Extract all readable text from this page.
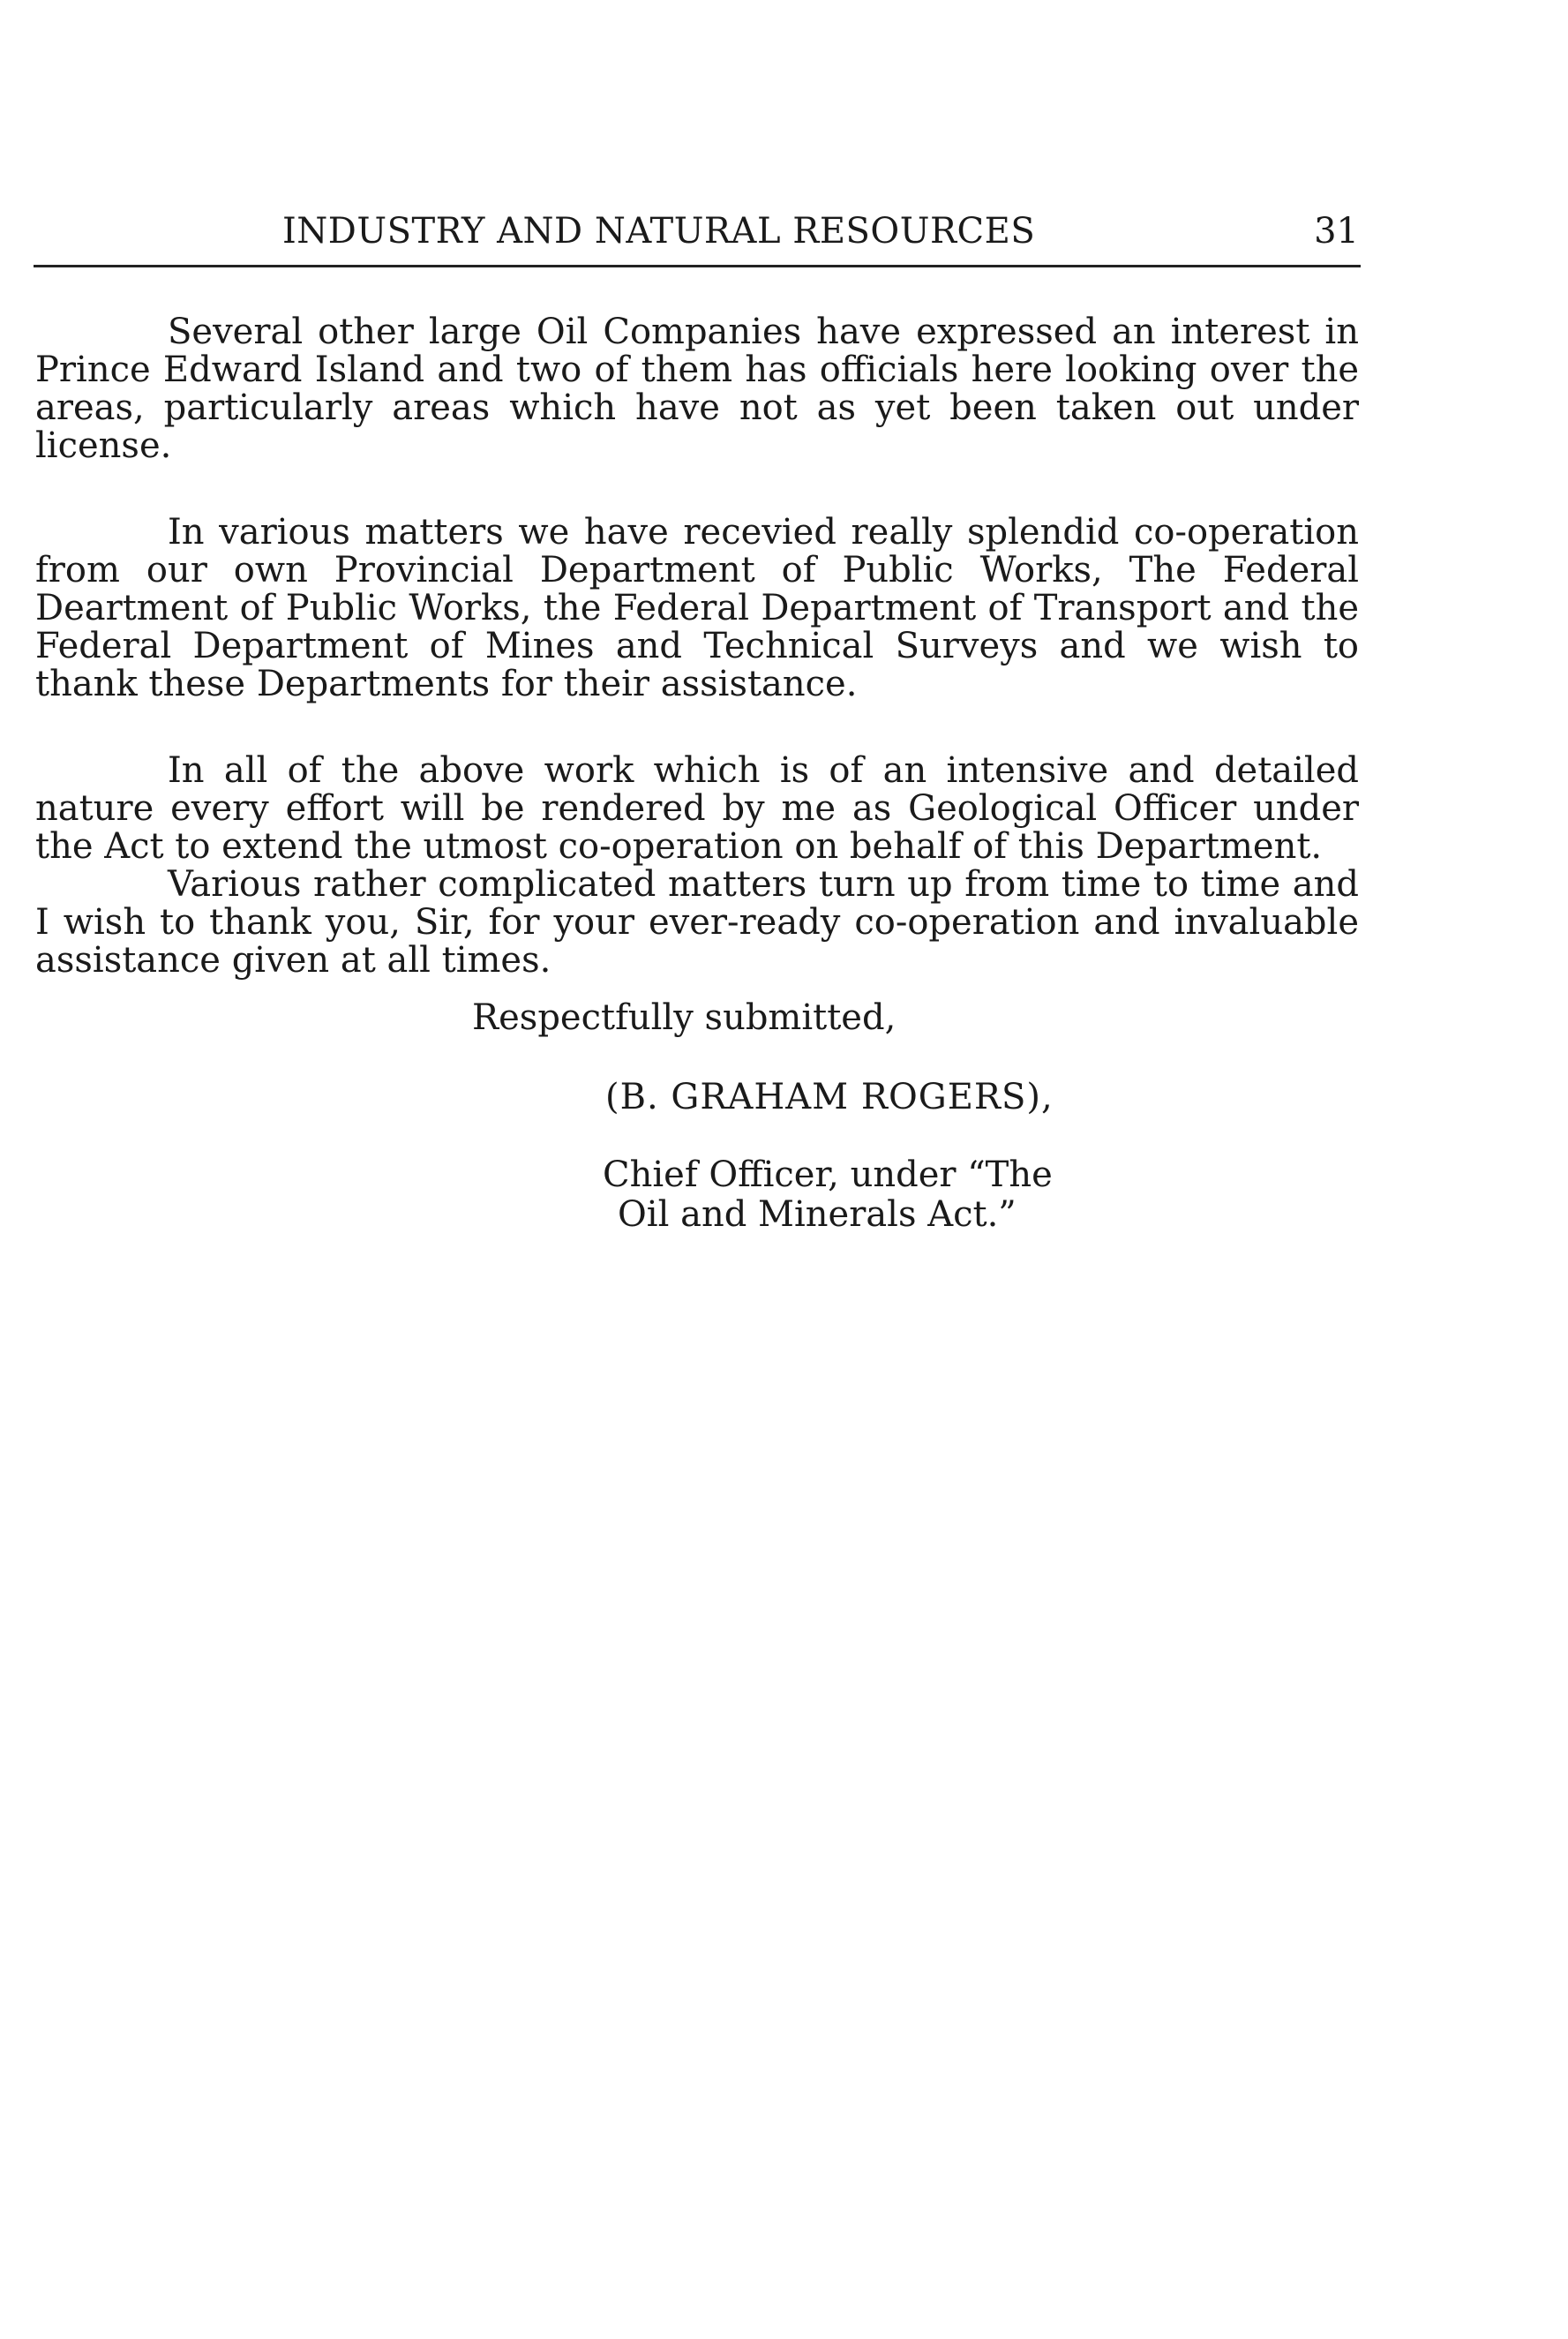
INDUSTRY AND NATURAL RESOURCES	31

Several other large Oil Companies have expressed an interest in Prince Edward Island and two of them has officials here looking over the areas, particularly areas which have not as yet been taken out under license.

In various matters we have recevied really splendid co-operation from our own Provincial Department of Public Works, The Federal Deartment of Public Works, the Federal Department of Transport and the Federal Department of Mines and Technical Surveys and we wish to thank these Departments for their assistance.

In all of the above work which is of an intensive and detailed nature every effort will be rendered by me as Geological Officer under the Act to extend the utmost co-operation on behalf of this Department.

Various rather complicated matters turn up from time to time and I wish to thank you, Sir, for your ever-ready co-operation and invaluable assistance given at all times.

Respectfully submitted,
(B. GRAHAM ROGERS),
Chief Officer, under “The
Oil and Minerals Act.”
